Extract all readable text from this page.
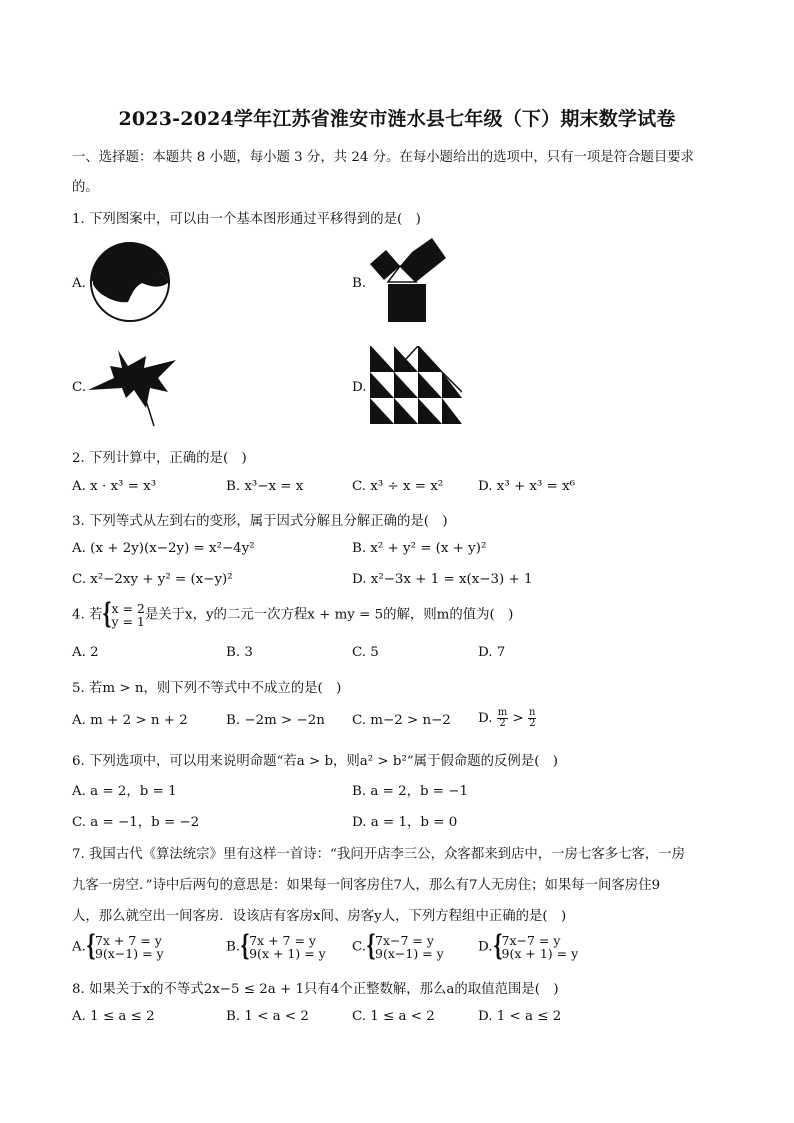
2023-2024学年江苏省淮安市涟水县七年级（下）期末数学试卷
一、选择题：本题共 8 小题，每小题 3 分，共 24 分。在每小题给出的选项中，只有一项是符合题目要求
的。
1. 下列图案中，可以由一个基本图形通过平移得到的是(　)
A.	B.
C.	D.
2. 下列计算中，正确的是(　)
A. x · x³ = x³	B. x³−x = x	C. x³ ÷ x = x²	D. x³ + x³ = x⁶
3. 下列等式从左到右的变形，属于因式分解且分解正确的是(　)
A. (x + 2y)(x−2y) = x²−4y²	B. x² + y² = (x + y)²
C. x²−2xy + y² = (x−y)²	D. x²−3x + 1 = x(x−3) + 1
4. 若 { x = 2
y = 1 是关于x，y的二元一次方程x + my = 5的解，则m的值为(　)
A. 2	B. 3	C. 5	D. 7
5. 若m > n，则下列不等式中不成立的是(　)
A. m + 2 > n + 2	B. −2m > −2n C. m−2 > n−2 D. $\frac{m}{2} > \frac{n}{2}$
6. 下列选项中，可以用来说明命题“若a > b，则a² > b²”属于假命题的反例是(　)
A. a = 2，b = 1	B. a = 2，b = −1
C. a = −1，b = −2	D. a = 1，b = 0
7. 我国古代《算法统宗》里有这样一首诗：“我问开店李三公，众客都来到店中，一房七客多七客，一房
九客一房空．”诗中后两句的意思是：如果每一间客房住7人，那么有7人无房住；如果每一间客房住9
人，那么就空出一间客房．设该店有客房x间、房客y人，下列方程组中正确的是(　)
A. { 7x + 7 = y
9(x−1) = y	B. { 7x + 7 = y
9(x + 1) = y C. { 7x−7 = y
9(x−1) = y	D. { 7x−7 = y
9(x + 1) = y
8. 如果关于x的不等式2x−5 ≤ 2a + 1只有4个正整数解，那么a的取值范围是(　)
A. 1 ≤ a ≤ 2	B. 1 < a < 2	C. 1 ≤ a < 2	D. 1 < a ≤ 2
